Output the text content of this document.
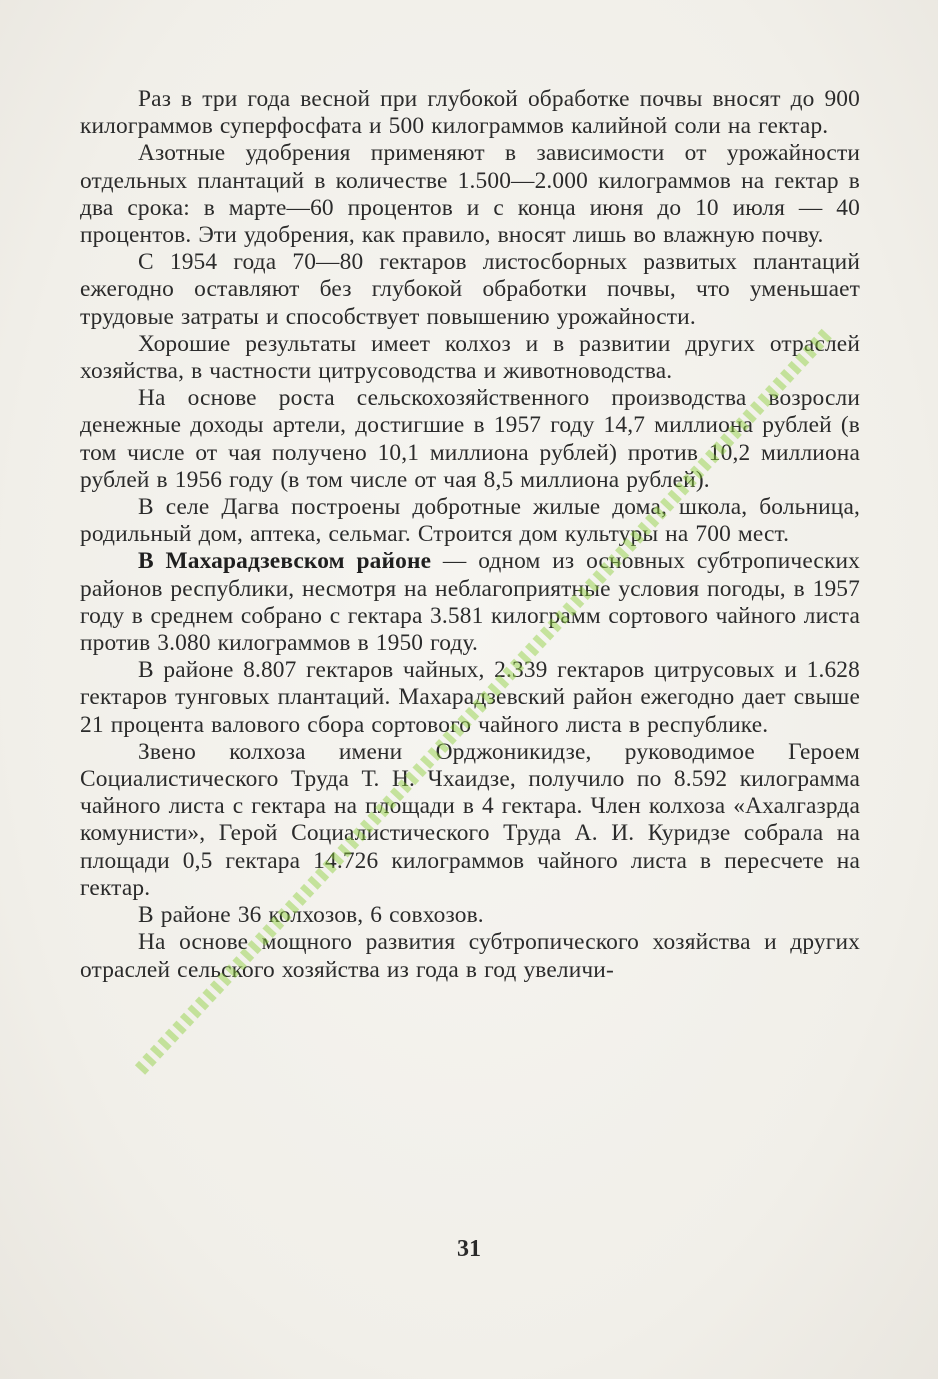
Раз в три года весной при глубокой обработке почвы вносят до 900 килограммов суперфосфата и 500 килограммов калийной соли на гектар.

Азотные удобрения применяют в зависимости от урожайности отдельных плантаций в количестве 1.500—2.000 килограммов на гектар в два срока: в марте—60 процентов и с конца июня до 10 июля — 40 процентов. Эти удобрения, как правило, вносят лишь во влажную почву.

С 1954 года 70—80 гектаров листосборных развитых плантаций ежегодно оставляют без глубокой обработки почвы, что уменьшает трудовые затраты и способствует повышению урожайности.

Хорошие результаты имеет колхоз и в развитии других отраслей хозяйства, в частности цитрусоводства и животноводства.

На основе роста сельскохозяйственного производства возросли денежные доходы артели, достигшие в 1957 году 14,7 миллиона рублей (в том числе от чая получено 10,1 миллиона рублей) против 10,2 миллиона рублей в 1956 году (в том числе от чая 8,5 миллиона рублей).

В селе Дагва построены добротные жилые дома, школа, больница, родильный дом, аптека, сельмаг. Строится дом культуры на 700 мест.

В Махарадзевском районе — одном из основных субтропических районов республики, несмотря на неблагоприятные условия погоды, в 1957 году в среднем собрано с гектара 3.581 килограмм сортового чайного листа против 3.080 килограммов в 1950 году.

В районе 8.807 гектаров чайных, 2.339 гектаров цитрусовых и 1.628 гектаров тунговых плантаций. Махарадзевский район ежегодно дает свыше 21 процента валового сбора сортового чайного листа в республике.

Звено колхоза имени Орджоникидзе, руководимое Героем Социалистического Труда Т. Н. Чхаидзе, получило по 8.592 килограмма чайного листа с гектара на площади в 4 гектара. Член колхоза «Ахалгазрда комунисти», Герой Социалистического Труда А. И. Куридзе собрала на площади 0,5 гектара 14.726 килограммов чайного листа в пересчете на гектар.

В районе 36 колхозов, 6 совхозов.

На основе мощного развития субтропического хозяйства и других отраслей сельского хозяйства из года в год увеличи-

31
